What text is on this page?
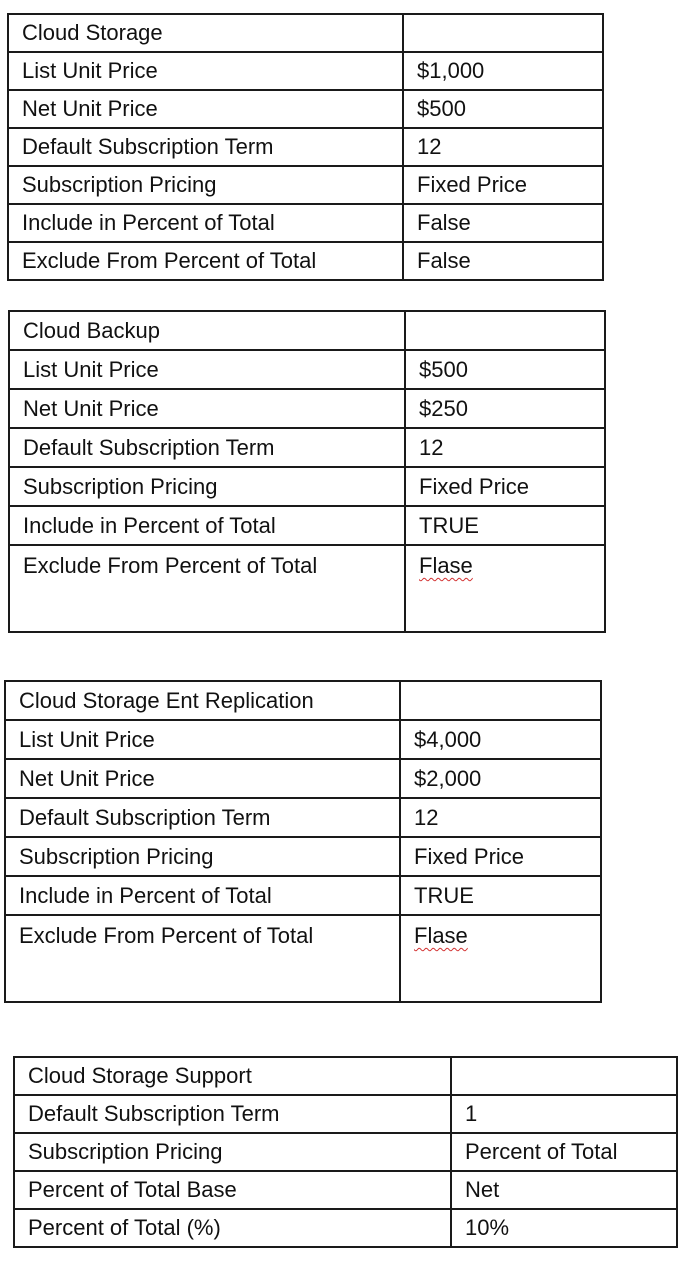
Cloud Storage	
List Unit Price	$1,000
Net Unit Price	$500
Default Subscription Term	12
Subscription Pricing	Fixed Price
Include in Percent of Total	False
Exclude From Percent of Total	False
Cloud Backup	
List Unit Price	$500
Net Unit Price	$250
Default Subscription Term	12
Subscription Pricing	Fixed Price
Include in Percent of Total	TRUE
Exclude From Percent of Total	Flase
Cloud Storage Ent Replication	
List Unit Price	$4,000
Net Unit Price	$2,000
Default Subscription Term	12
Subscription Pricing	Fixed Price
Include in Percent of Total	TRUE
Exclude From Percent of Total	Flase
Cloud Storage Support	
Default Subscription Term	1
Subscription Pricing	Percent of Total
Percent of Total Base	Net
Percent of Total (%)	10%
